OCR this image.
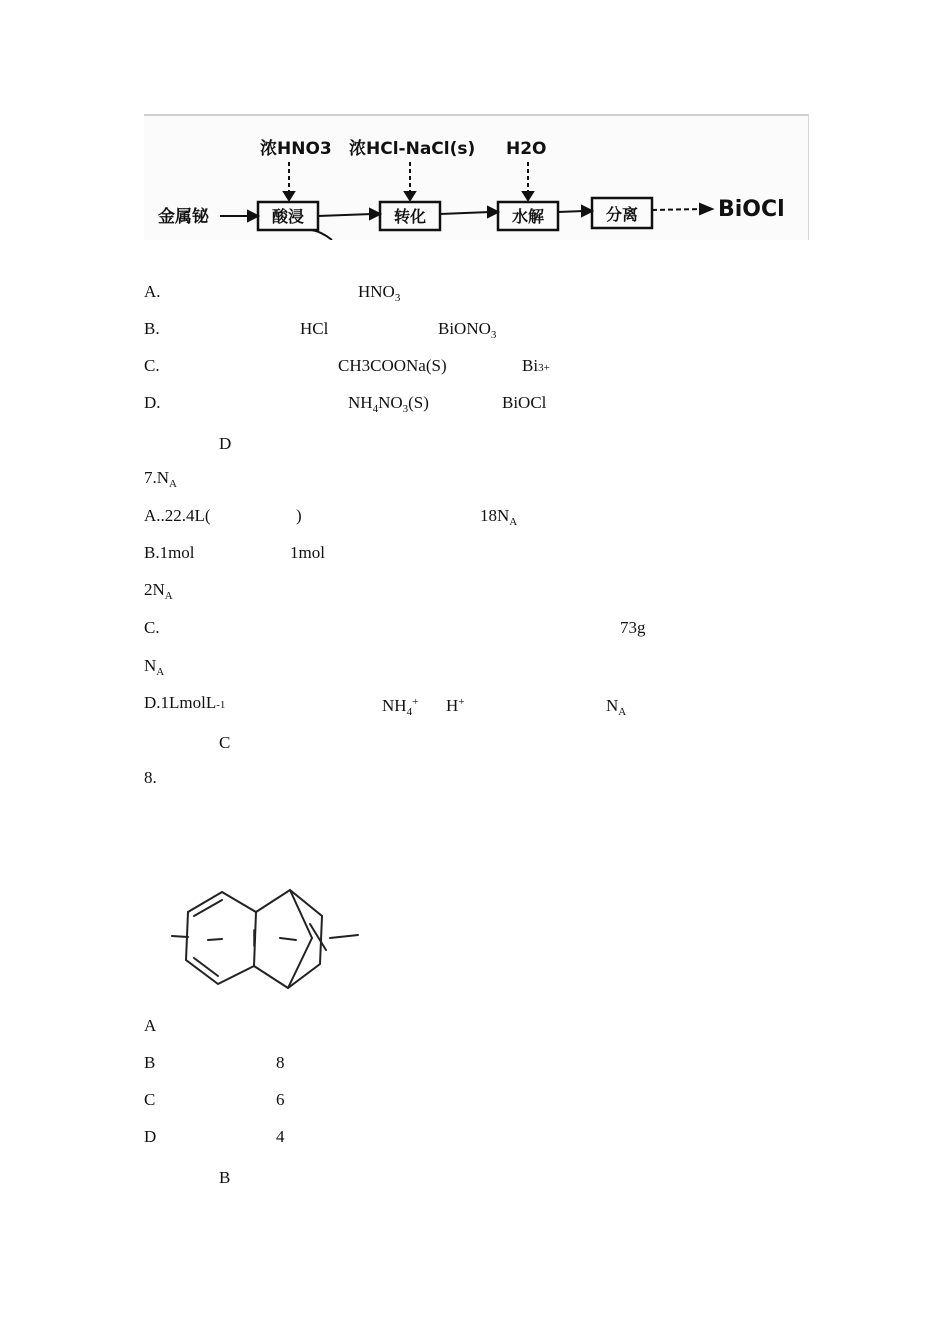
浓HNO3 浓HCl-NaCl(s) H2O
金属铋	酸浸	转化	水解	分离	BiOCl
A.	$HNO_3$
B.	HCl	BiONO$_3$
C.	CH3COONa(S)	Bi3+
D.	$NH_4NO_3(S)$	BiOCl
D
$7.N_A$
A..22.4L(	)	$18N_A$
B.1mol	1mol
$2N_A$
C.	73g
$N_A$
D.1LmolL-1	$NH_4^+$ H+	$N_A$
C
8.
A
B	8
C	6
D	4
B
